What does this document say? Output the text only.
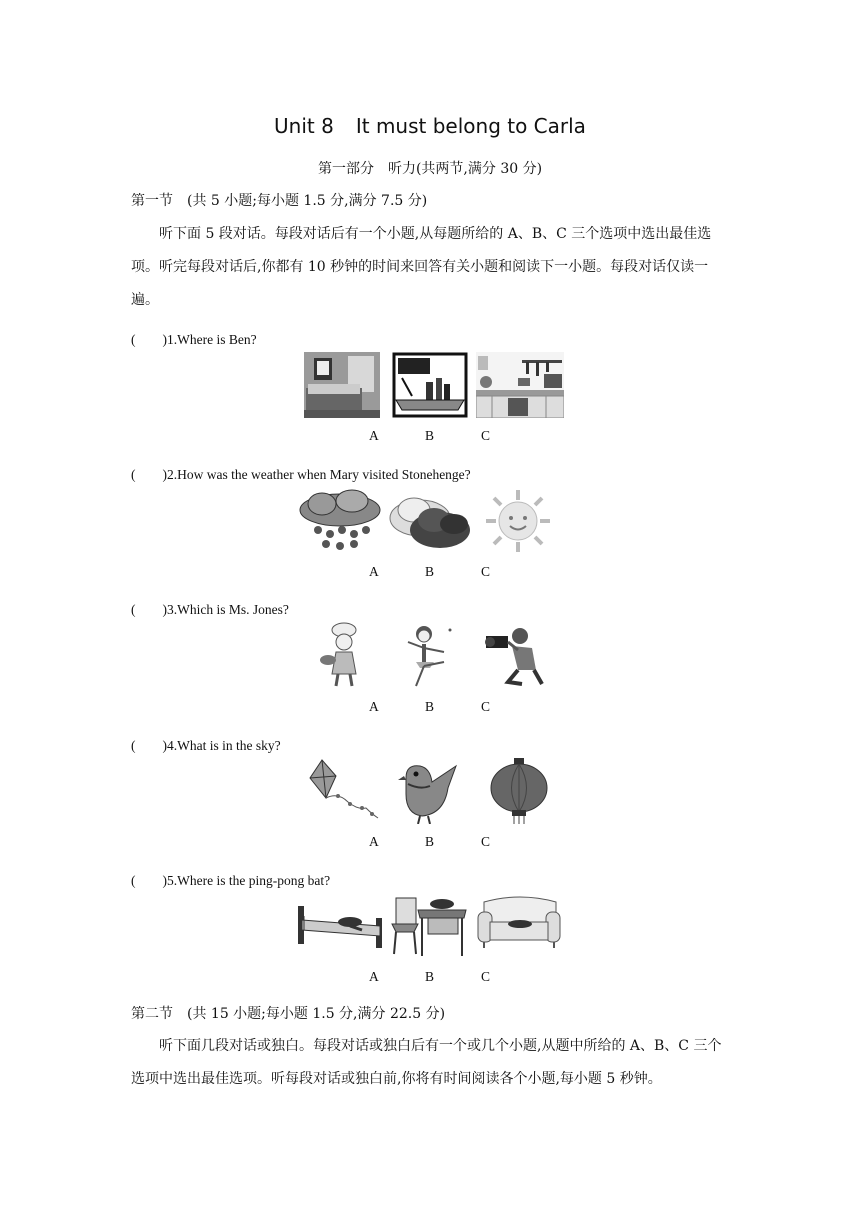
Unit 8 It must belong to Carla
第一部分　听力(共两节,满分 30 分)
第一节　(共 5 小题;每小题 1.5 分,满分 7.5 分)
听下面 5 段对话。每段对话后有一个小题,从每题所给的 A、B、C 三个选项中选出最佳选项。听完每段对话后,你都有 10 秒钟的时间来回答有关小题和阅读下一小题。每段对话仅读一遍。
(　　)1.Where is Ben?
A	B	C
(　　)2.How was the weather when Mary visited Stonehenge?
A	B	C
(　　)3.Which is Ms. Jones?
A	B	C
(　　)4.What is in the sky?
A	B	C
(　　)5.Where is the ping-pong bat?
A	B	C
第二节　(共 15 小题;每小题 1.5 分,满分 22.5 分)
听下面几段对话或独白。每段对话或独白后有一个或几个小题,从题中所给的 A、B、C 三个选项中选出最佳选项。听每段对话或独白前,你将有时间阅读各个小题,每小题 5 秒钟。
